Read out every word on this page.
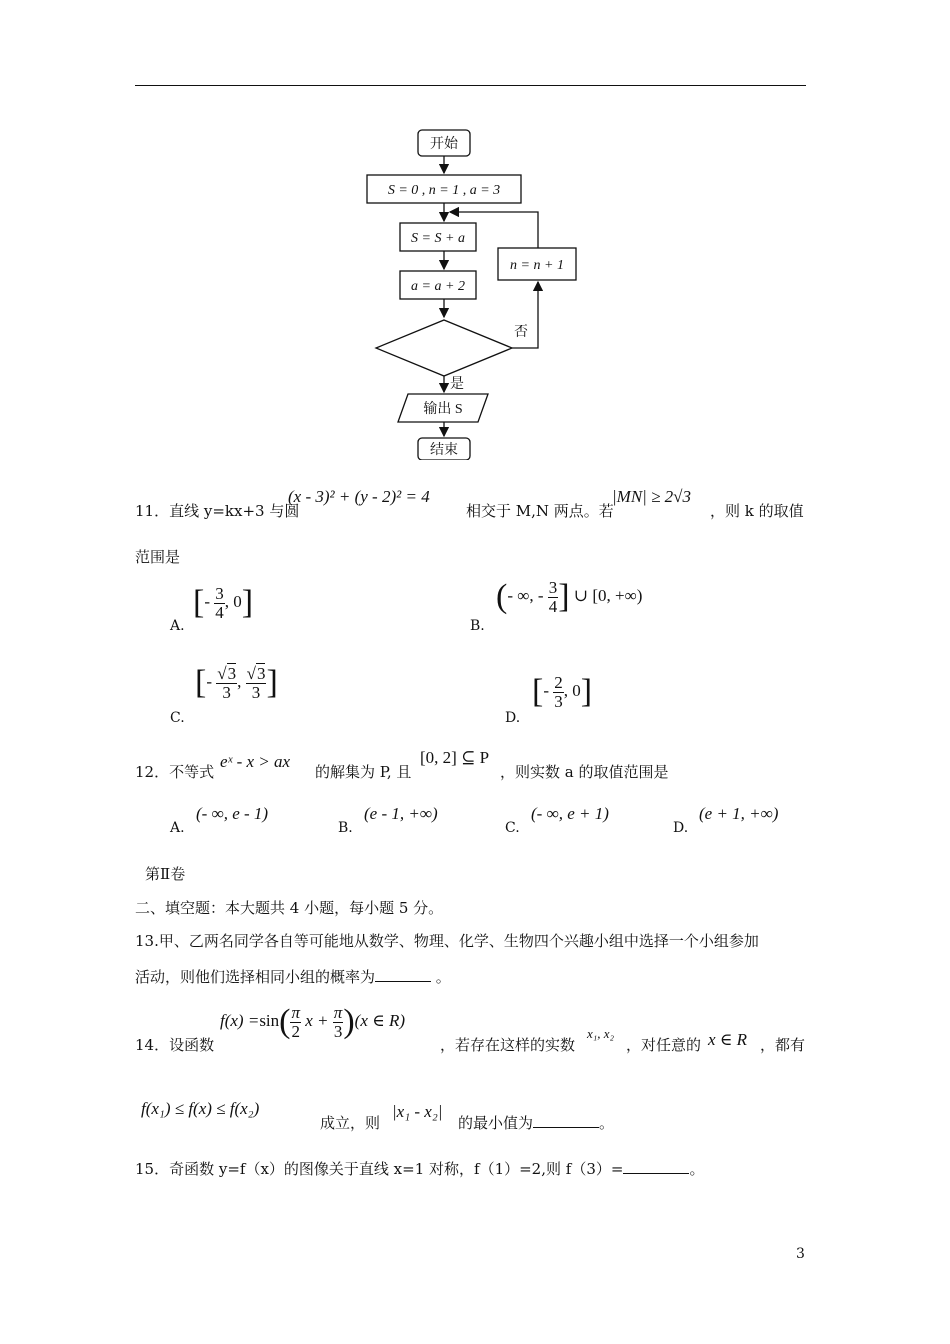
开始
S = 0 , n = 1 , a = 3
S = S + a
a = a + 2
n = n + 1
否
是
输出 S
结束
11．直线 y=kx+3 与圆
(x - 3)² + (y - 2)² = 4
相交于 M,N 两点。若
|MN| ≥ 2√3
，则 k 的取值
范围是
A.
[- $\frac{3}{4}$ , 0]
B.
(- ∞, - $\frac{3}{4}$ ] ∪ [0, +∞)
C.
[- $\frac{√3}{3}$ , $\frac{√3}{3}$ ]
D.
[- $\frac{2}{3}$ , 0]
12．不等式
eˣ - x > ax
的解集为 P, 且
[0, 2] ⊆ P
，则实数 a 的取值范围是
A.
(- ∞, e - 1)
B.
(e - 1, +∞)
C.
(- ∞, e + 1)
D.
(e + 1, +∞)
第Ⅱ卷
二、填空题：本大题共 4 小题，每小题 5 分。
13.甲、乙两名同学各自等可能地从数学、物理、化学、生物四个兴趣小组中选择一个小组参加
活动，则他们选择相同小组的概率为	。
14．设函数
$f(x) =\sin( \frac{\pi}{2}$ $x + \frac{\pi}{3} )(x$ ∈ R)
，若存在这样的实数
x₁, x₂
，对任意的 x ∈ R ，都有
f(x₁) ≤ f(x) ≤ f(x₂)
成立，则
|x₁ - x₂|
的最小值为	。
15．奇函数 y=f（x）的图像关于直线 x=1 对称，f（1）=2,则 f（3）=	。
3
